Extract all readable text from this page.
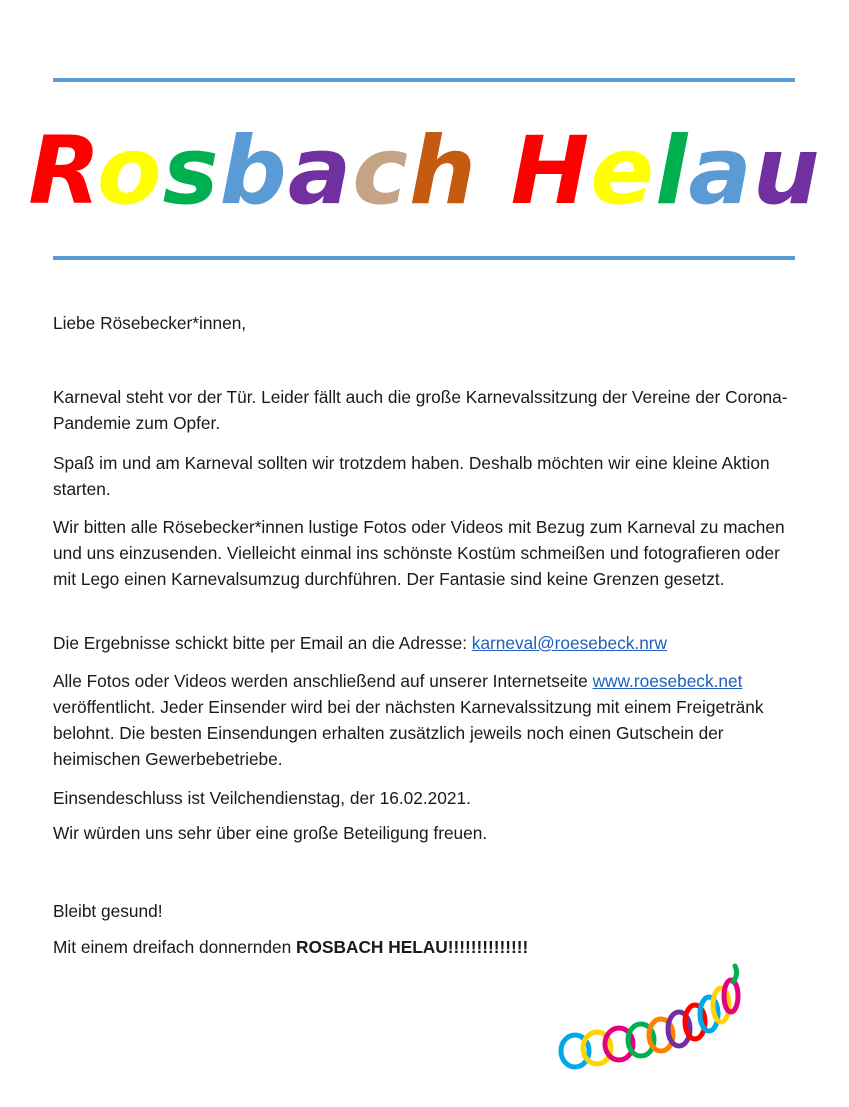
Rosbach Helau

Liebe Rösebecker*innen,

Karneval steht vor der Tür. Leider fällt auch die große Karnevalssitzung der Vereine der Corona-Pandemie zum Opfer.

Spaß im und am Karneval sollten wir trotzdem haben. Deshalb möchten wir eine kleine Aktion starten.

Wir bitten alle Rösebecker*innen lustige Fotos oder Videos mit Bezug zum Karneval zu machen und uns einzusenden. Vielleicht einmal ins schönste Kostüm schmeißen und fotografieren oder mit Lego einen Karnevalsumzug durchführen. Der Fantasie sind keine Grenzen gesetzt.

Die Ergebnisse schickt bitte per Email an die Adresse: karneval@roesebeck.nrw

Alle Fotos oder Videos werden anschließend auf unserer Internetseite www.roesebeck.net veröffentlicht. Jeder Einsender wird bei der nächsten Karnevalssitzung mit einem Freigetränk belohnt. Die besten Einsendungen erhalten zusätzlich jeweils noch einen Gutschein der heimischen Gewerbebetriebe.

Einsendeschluss ist Veilchendienstag, der 16.02.2021.

Wir würden uns sehr über eine große Beteiligung freuen.

Bleibt gesund!

Mit einem dreifach donnernden ROSBACH HELAU!!!!!!!!!!!!!!
